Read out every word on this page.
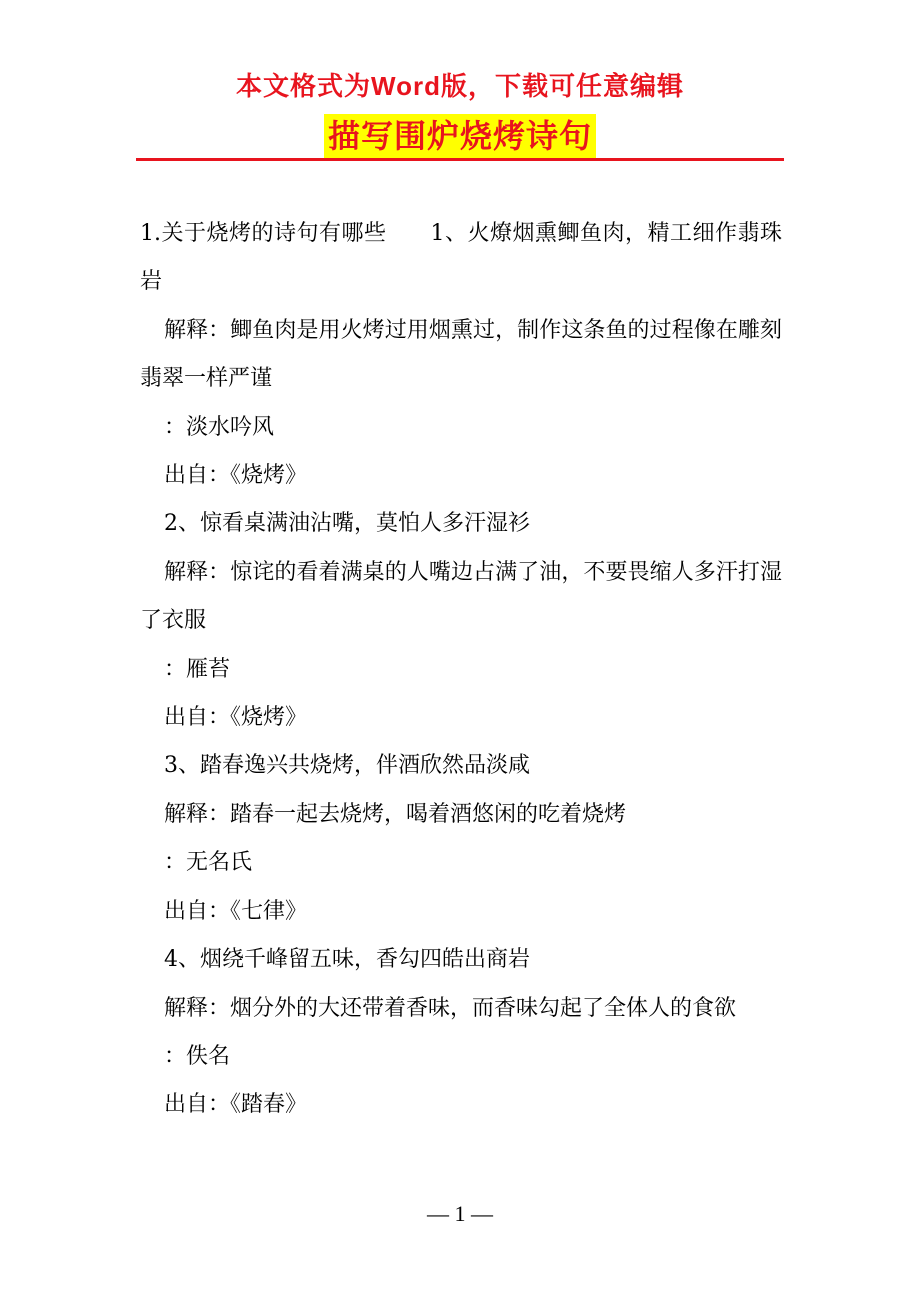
本文格式为Word版，下载可任意编辑
描写围炉烧烤诗句

1.关于烧烤的诗句有哪些 1、火燎烟熏鲫鱼肉，精工细作翡珠岩

解释：鲫鱼肉是用火烤过用烟熏过，制作这条鱼的过程像在雕刻翡翠一样严谨

：淡水吟风

出自：《烧烤》

2、惊看桌满油沾嘴，莫怕人多汗湿衫

解释：惊诧的看着满桌的人嘴边占满了油，不要畏缩人多汗打湿了衣服

：雁苔

出自：《烧烤》

3、踏春逸兴共烧烤，伴酒欣然品淡咸

解释：踏春一起去烧烤，喝着酒悠闲的吃着烧烤

：无名氏

出自：《七律》

4、烟绕千峰留五味，香勾四皓出商岩

解释：烟分外的大还带着香味，而香味勾起了全体人的食欲

：佚名

出自：《踏春》

— 1 —
